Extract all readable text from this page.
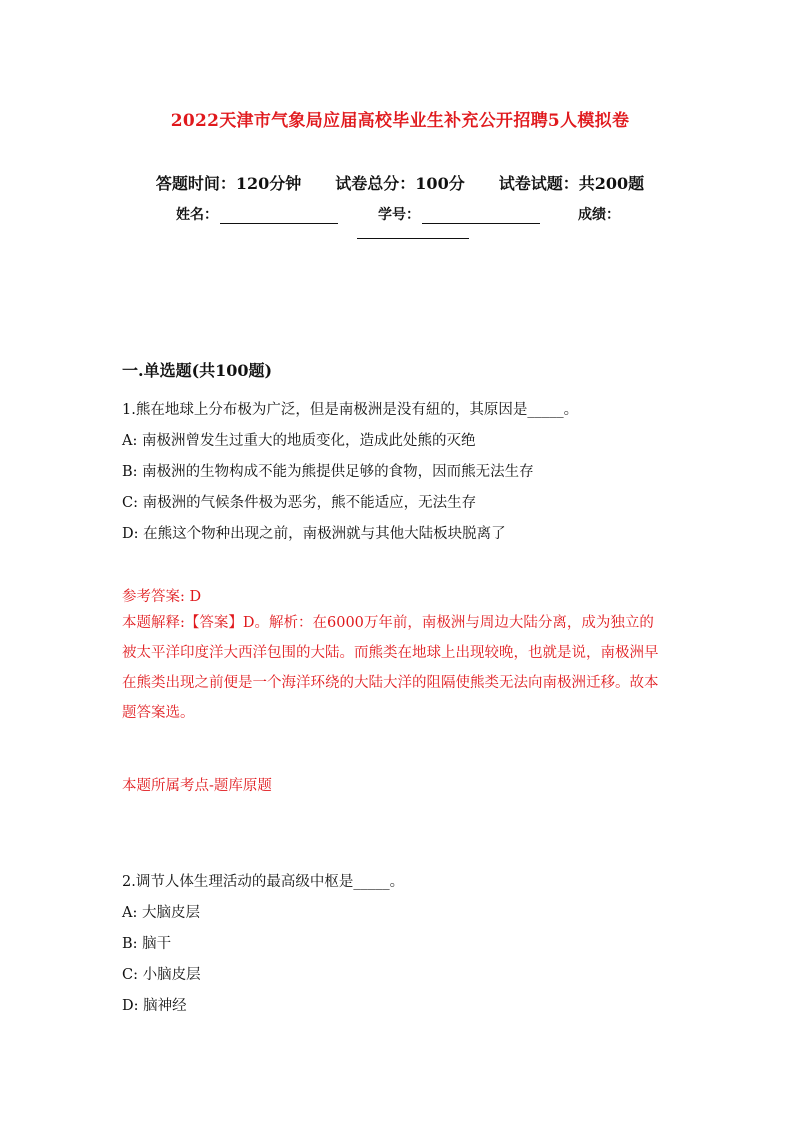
2022天津市气象局应届高校毕业生补充公开招聘5人模拟卷
答题时间：120分钟 试卷总分：100分 试卷试题：共200题
姓名：	学号：	成绩：
一.单选题(共100题)
1.熊在地球上分布极为广泛，但是南极洲是没有紐的，其原因是_____。
A: 南极洲曾发生过重大的地质变化，造成此处熊的灭绝
B: 南极洲的生物构成不能为熊提供足够的食物，因而熊无法生存
C: 南极洲的气候条件极为恶劣，熊不能适应，无法生存
D: 在熊这个物种出现之前，南极洲就与其他大陆板块脱离了
参考答案: D
本题解释:【答案】D。解析：在6000万年前，南极洲与周边大陆分离，成为独立的被太平洋印度洋大西洋包围的大陆。而熊类在地球上出现较晚，也就是说，南极洲早在熊类出现之前便是一个海洋环绕的大陆大洋的阻隔使熊类无法向南极洲迁移。故本题答案选。
本题所属考点-题库原题
2.调节人体生理活动的最高级中枢是_____。
A: 大脑皮层
B: 脑干
C: 小脑皮层
D: 脑神经
